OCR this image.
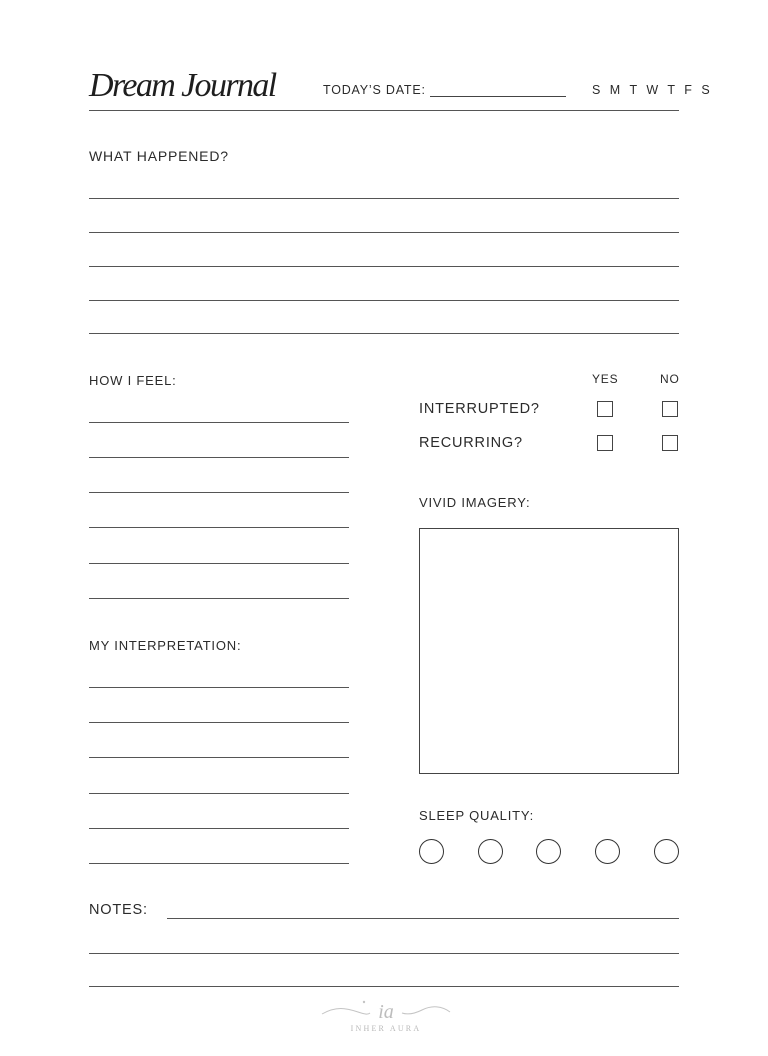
Dream Journal	TODAY’S DATE:	S M T W T F S
WHAT HAPPENED?
HOW I FEEL:
MY INTERPRETATION:
YES	NO
INTERRUPTED?
RECURRING?
VIVID IMAGERY:
SLEEP QUALITY:
NOTES:
ia
INHER AURA
